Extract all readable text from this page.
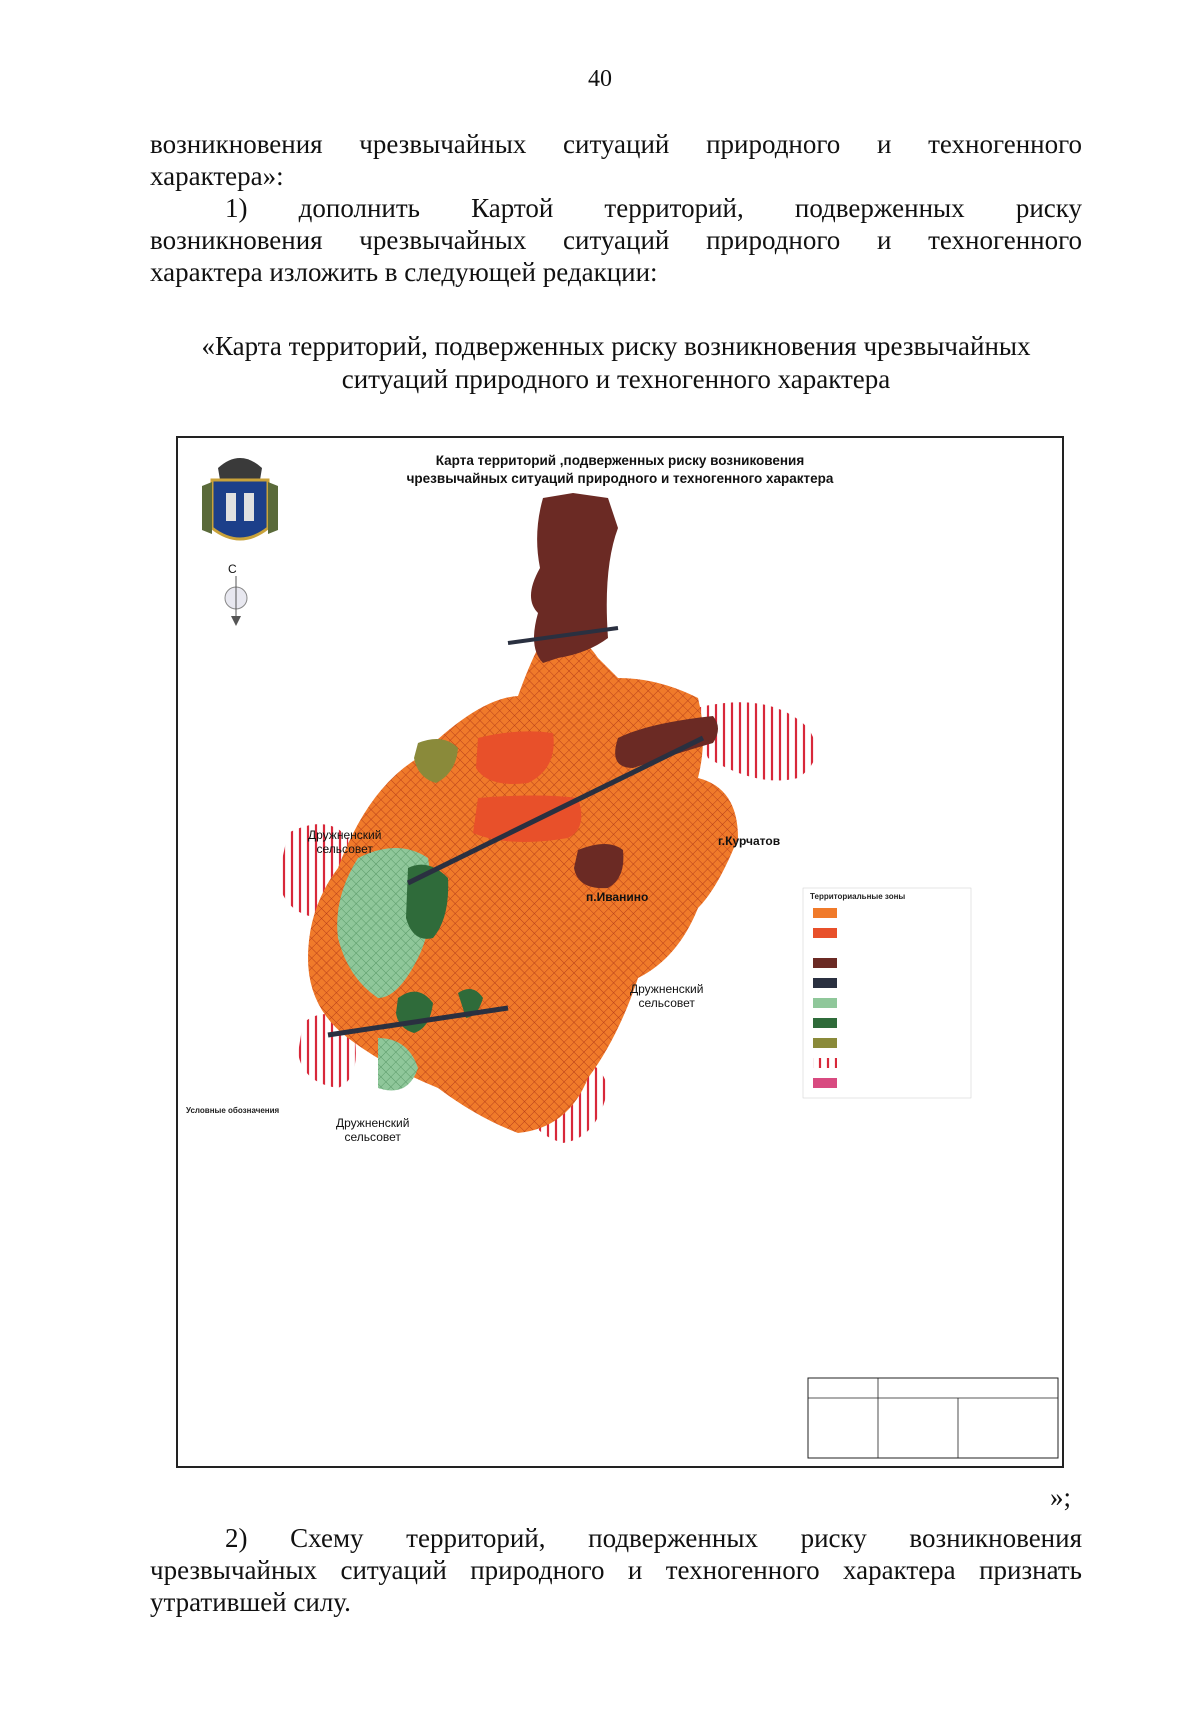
40

возникновения чрезвычайных ситуаций природного и техногенного

характера»:

1) дополнить Картой территорий, подверженных риску

возникновения чрезвычайных ситуаций природного и техногенного

характера изложить в следующей редакции:

«Карта территорий, подверженных риску возникновения чрезвычайных
ситуаций природного и техногенного характера
Карта территорий ,подверженных риску возниковения
чрезвычайных ситуаций природного и техногенного характера
С
Дружненский
сельсовет
г.Курчатов
п.Иванино
Дружненский
сельсовет
Дружненский
сельсовет
Условные обозначения
Территориальные зоны
»;

2) Схему территорий, подверженных риску возникновения

чрезвычайных ситуаций природного и техногенного характера признать

утратившей силу.
